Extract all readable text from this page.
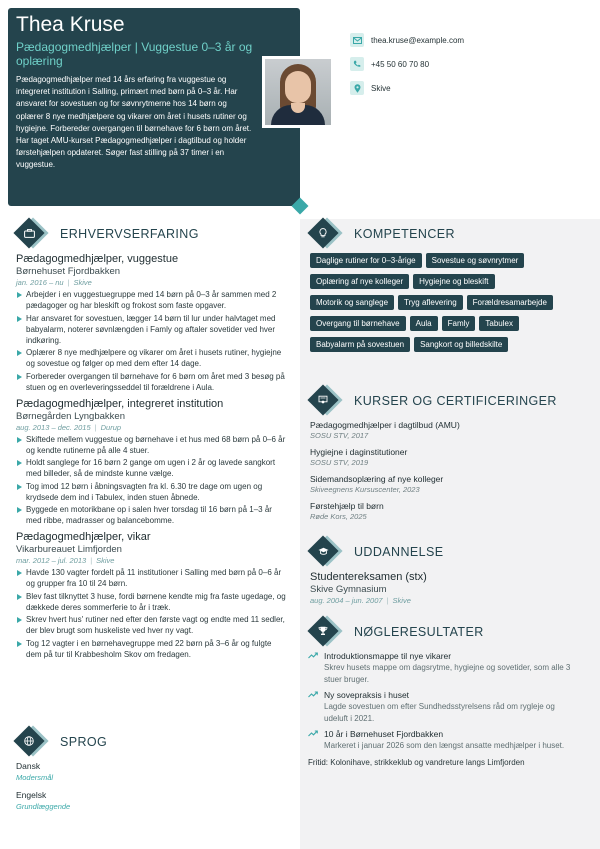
Thea Kruse
Pædagogmedhjælper | Vuggestue 0–3 år og oplæring
Pædagogmedhjælper med 14 års erfaring fra vuggestue og integreret institution i Salling, primært med børn på 0–3 år. Har ansvaret for sovestuen og for søvnrytmerne hos 14 børn og oplærer 8 nye medhjælpere og vikarer om året i husets rutiner og hygiejne. Forbereder overgangen til børnehave for 6 børn om året. Har taget AMU-kurset Pædagogmedhjælper i dagtilbud og holder førstehjælpen opdateret. Søger fast stilling på 37 timer i en vuggestue.
thea.kruse@example.com
+45 50 60 70 80
Skive
ERHVERVSERFARING
Pædagogmedhjælper, vuggestue
Børnehuset Fjordbakken
jan. 2016 – nu | Skive
Arbejder i en vuggestuegruppe med 14 børn på 0–3 år sammen med 2 pædagoger og har bleskift og frokost som faste opgaver.
Har ansvaret for sovestuen, lægger 14 børn til lur under halvtaget med babyalarm, noterer søvnlængden i Famly og aftaler sovetider ved hver indkøring.
Oplærer 8 nye medhjælpere og vikarer om året i husets rutiner, hygiejne og sovestue og følger op med dem efter 14 dage.
Forbereder overgangen til børnehave for 6 børn om året med 3 besøg på stuen og en overleveringsseddel til forældrene i Aula.
Pædagogmedhjælper, integreret institution
Børnegården Lyngbakken
aug. 2013 – dec. 2015 | Durup
Skiftede mellem vuggestue og børnehave i et hus med 68 børn på 0–6 år og kendte rutinerne på alle 4 stuer.
Holdt sanglege for 16 børn 2 gange om ugen i 2 år og lavede sangkort med billeder, så de mindste kunne vælge.
Tog imod 12 børn i åbningsvagten fra kl. 6.30 tre dage om ugen og krydsede dem ind i Tabulex, inden stuen åbnede.
Byggede en motorikbane op i salen hver torsdag til 16 børn på 1–3 år med ribbe, madrasser og balancebomme.
Pædagogmedhjælper, vikar
Vikarbureauet Limfjorden
mar. 2012 – jul. 2013 | Skive
Havde 130 vagter fordelt på 11 institutioner i Salling med børn på 0–6 år og grupper fra 10 til 24 børn.
Blev fast tilknyttet 3 huse, fordi børnene kendte mig fra faste ugedage, og dækkede deres sommerferie to år i træk.
Skrev hvert hus' rutiner ned efter den første vagt og endte med 11 sedler, der blev brugt som huskeliste ved hver ny vagt.
Tog 12 vagter i en børnehavegruppe med 22 børn på 3–6 år og fulgte dem på tur til Krabbesholm Skov om fredagen.
SPROG
Dansk
Modersmål
Engelsk
Grundlæggende
KOMPETENCER
Daglige rutiner for 0–3-årige	Sovestue og søvnrytmer
Oplæring af nye kolleger	Hygiejne og bleskift
Motorik og sanglege	Tryg aflevering	Forældresamarbejde
Overgang til børnehave	Aula	Famly	Tabulex
Babyalarm på sovestuen	Sangkort og billedskilte
KURSER OG CERTIFICERINGER
Pædagogmedhjælper i dagtilbud (AMU)
SOSU STV, 2017
Hygiejne i daginstitutioner
SOSU STV, 2019
Sidemandsoplæring af nye kolleger
Skiveegnens Kursuscenter, 2023
Førstehjælp til børn
Røde Kors, 2025
UDDANNELSE
Studentereksamen (stx)
Skive Gymnasium
aug. 2004 – jun. 2007 | Skive
NØGLERESULTATER
Introduktionsmappe til nye vikarer
Skrev husets mappe om dagsrytme, hygiejne og sovetider, som alle 3 stuer bruger.
Ny sovepraksis i huset
Lagde sovestuen om efter Sundhedsstyrelsens råd om rygleje og udeluft i 2021.
10 år i Børnehuset Fjordbakken
Markeret i januar 2026 som den længst ansatte medhjælper i huset.
Fritid: Kolonihave, strikkeklub og vandreture langs Limfjorden
